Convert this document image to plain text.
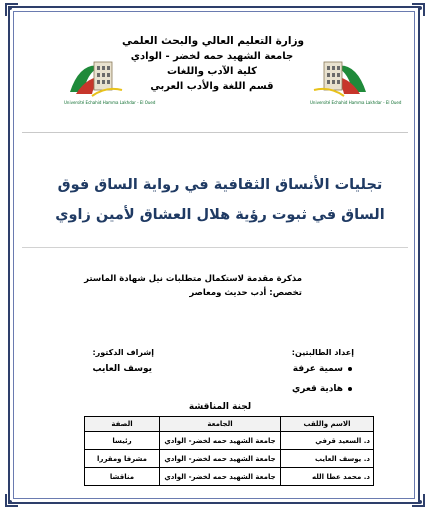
وزارة التعليم العالي والبحث العلمي
جامعة الشهيد حمه لخضر - الوادي
كلية الآدب واللغات
قسم اللغة والأدب العربي
Université Echahid Hamma Lakhdar - El Oued	Université Echahid Hamma Lakhdar - El Oued
تجليات الأنساق الثقافية في رواية الساق فوق
الساق في ثبوت رؤية هلال العشاق لأمين زاوي
مذكرة مقدمة لاستكمال متطلبات نيل شهادة الماستر
تخصص: أدب حديث ومعاصر
إعداد الطالبتين:
إشراف الدكتور:
سمية عرفة
هادية قعري
يوسف العايب
لجنة المناقشة
الاسم واللقب	الجامعة	الصفة
د. السعيد قرفي	جامعة الشهيد حمه لخضر- الوادي	رئيسا
د. يوسف العايب	جامعة الشهيد حمه لخضر- الوادي	مشرفا ومقررا
د. محمد عطا الله	جامعة الشهيد حمه لخضر- الوادي	مناقشا
